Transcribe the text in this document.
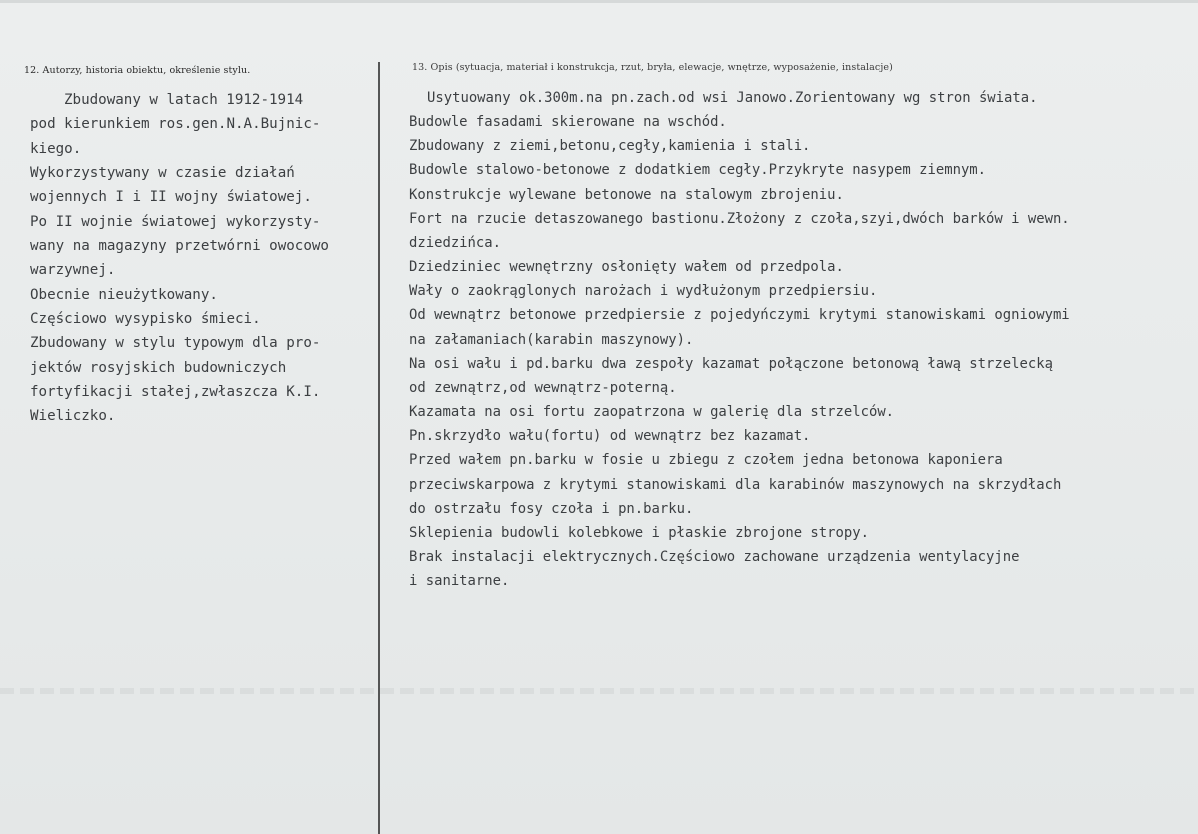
12. Autorzy, historia obiektu, określenie stylu.	13. Opis (sytuacja, materiał i konstrukcja, rzut, bryła, elewacje, wnętrze, wyposażenie, instalacje)
Zbudowany w latach 1912-1914
pod kierunkiem ros.gen.N.A.Bujnic-
kiego.
Wykorzystywany w czasie działań
wojennych I i II wojny światowej.
Po II wojnie światowej wykorzysty-
wany na magazyny przetwórni owocowo
warzywnej.
Obecnie nieużytkowany.
Częściowo wysypisko śmieci.
Zbudowany w stylu typowym dla pro-
jektów rosyjskich budowniczych
fortyfikacji stałej,zwłaszcza K.I.
Wieliczko.
Usytuowany ok.300m.na pn.zach.od wsi Janowo.Zorientowany wg stron świata.
Budowle fasadami skierowane na wschód.
Zbudowany z ziemi,betonu,cegły,kamienia i stali.
Budowle stalowo-betonowe z dodatkiem cegły.Przykryte nasypem ziemnym.
Konstrukcje wylewane betonowe na stalowym zbrojeniu.
Fort na rzucie detaszowanego bastionu.Złożony z czoła,szyi,dwóch barków i wewn.
dziedzińca.
Dziedziniec wewnętrzny osłonięty wałem od przedpola.
Wały o zaokrąglonych narożach i wydłużonym przedpiersiu.
Od wewnątrz betonowe przedpiersie z pojedyńczymi krytymi stanowiskami ogniowymi
na załamaniach(karabin maszynowy).
Na osi wału i pd.barku dwa zespoły kazamat połączone betonową ławą strzelecką
od zewnątrz,od wewnątrz-poterną.
Kazamata na osi fortu zaopatrzona w galerię dla strzelców.
Pn.skrzydło wału(fortu) od wewnątrz bez kazamat.
Przed wałem pn.barku w fosie u zbiegu z czołem jedna betonowa kaponiera
przeciwskarpowa z krytymi stanowiskami dla karabinów maszynowych na skrzydłach
do ostrzału fosy czoła i pn.barku.
Sklepienia budowli kolebkowe i płaskie zbrojone stropy.
Brak instalacji elektrycznych.Częściowo zachowane urządzenia wentylacyjne
i sanitarne.
